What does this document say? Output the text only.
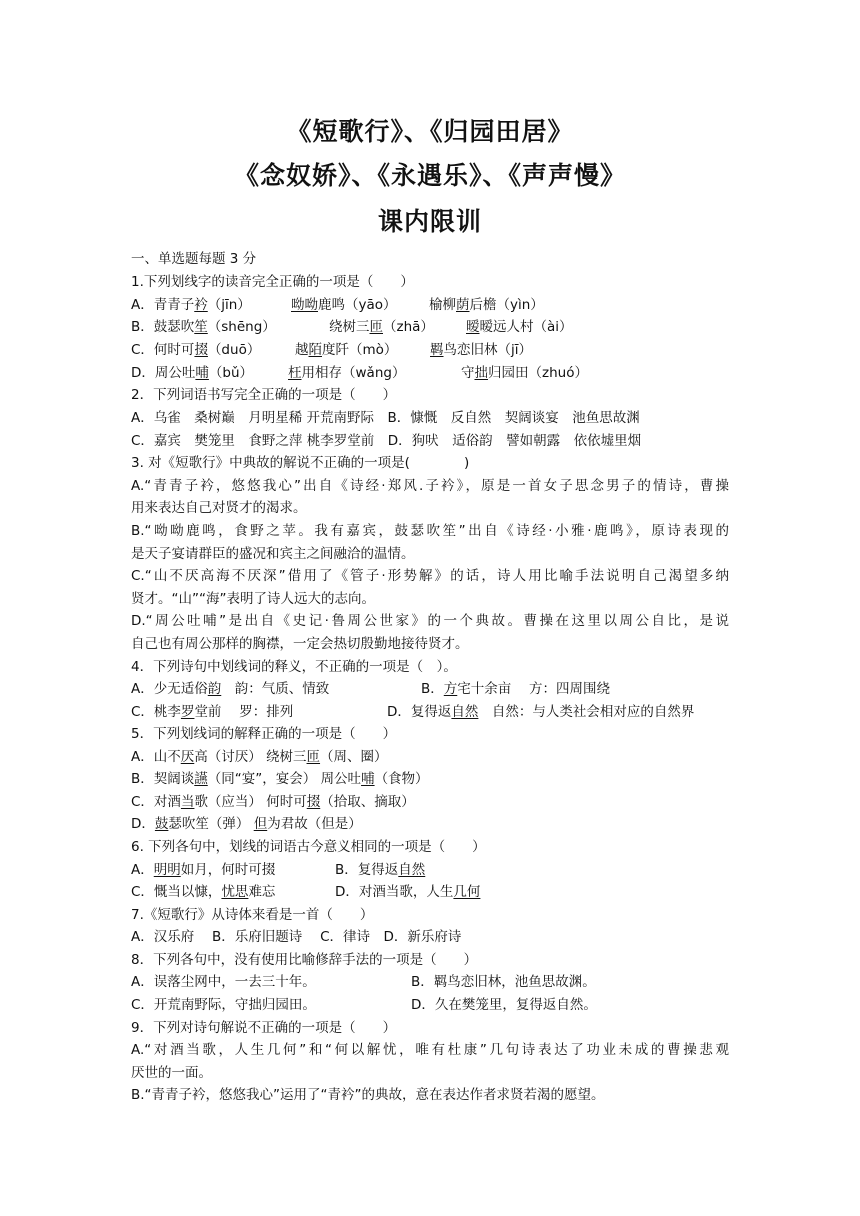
《短歌行》、《归园田居》
《念奴娇》、《永遇乐》、《声声慢》
课内限训
一、单选题每题 3 分
1.下列划线字的读音完全正确的一项是（　　）
A．青青子衿（jīn）	呦呦鹿鸣（yāo） 榆柳荫后檐（yìn）
B．鼓瑟吹笙（shēng）	绕树三匝（zhā） 暧暧远人村（ài）
C．何时可掇（duō）	越陌度阡（mò） 羁鸟恋旧林（jī）
D．周公吐哺（bǔ）	枉用相存（wǎng）	守拙归园田（zhuó）
2．下列词语书写完全正确的一项是（　　）
A．乌雀　桑树巅　月明星稀 开荒南野际　B．慷慨　反自然　契阔谈宴　池鱼思故渊
C．嘉宾　樊笼里　食野之萍 桃李罗堂前　D．狗吠　适俗韵　譬如朝露　依依墟里烟
3. 对《短歌行》中典故的解说不正确的一项是(　　　　)
A.“青青子衿，悠悠我心”出自《诗经·郑风.子衿》，原是一首女子思念男子的情诗，曹操
用来表达自己对贤才的渴求。
B.“呦呦鹿鸣，食野之苹。我有嘉宾，鼓瑟吹笙”出自《诗经·小雅·鹿鸣》，原诗表现的
是天子宴请群臣的盛况和宾主之间融洽的温情。
C.“山不厌高海不厌深”借用了《管子·形势解》的话，诗人用比喻手法说明自己渴望多纳
贤才。“山”“海”表明了诗人远大的志向。
D.“周公吐哺”是出自《史记·鲁周公世家》的一个典故。曹操在这里以周公自比，是说
自己也有周公那样的胸襟，一定会热切殷勤地接待贤才。
4．下列诗句中划线词的释义，不正确的一项是（　）。
A．少无适俗韵　韵：气质、情致	B．方宅十余亩　 方：四周围绕
C．桃李罗堂前　 罗：排列	D．复得返自然　自然：与人类社会相对应的自然界
5．下列划线词的解释正确的一项是（　　）
A．山不厌高（讨厌） 绕树三匝（周、圈）
B．契阔谈讌（同“宴”，宴会） 周公吐哺（食物）
C．对酒当歌（应当） 何时可掇（拾取、摘取）
D．鼓瑟吹笙（弹） 但为君故（但是）
6. 下列各句中，划线的词语古今意义相同的一项是（　　）
A．明明如月，何时可掇	B．复得返自然
C．慨当以慷，忧思难忘	D．对酒当歌，人生几何
7.《短歌行》从诗体来看是一首（　　）
A．汉乐府　 B．乐府旧题诗　 C．律诗　D．新乐府诗
8．下列各句中，没有使用比喻修辞手法的一项是（　　）
A．误落尘网中，一去三十年。	B．羁鸟恋旧林，池鱼思故渊。
C．开荒南野际，守拙归园田。	D．久在樊笼里，复得返自然。
9．下列对诗句解说不正确的一项是（　　）
A.“对酒当歌，人生几何”和“何以解忧，唯有杜康”几句诗表达了功业未成的曹操悲观
厌世的一面。
B.“青青子衿，悠悠我心”运用了“青衿”的典故，意在表达作者求贤若渴的愿望。
